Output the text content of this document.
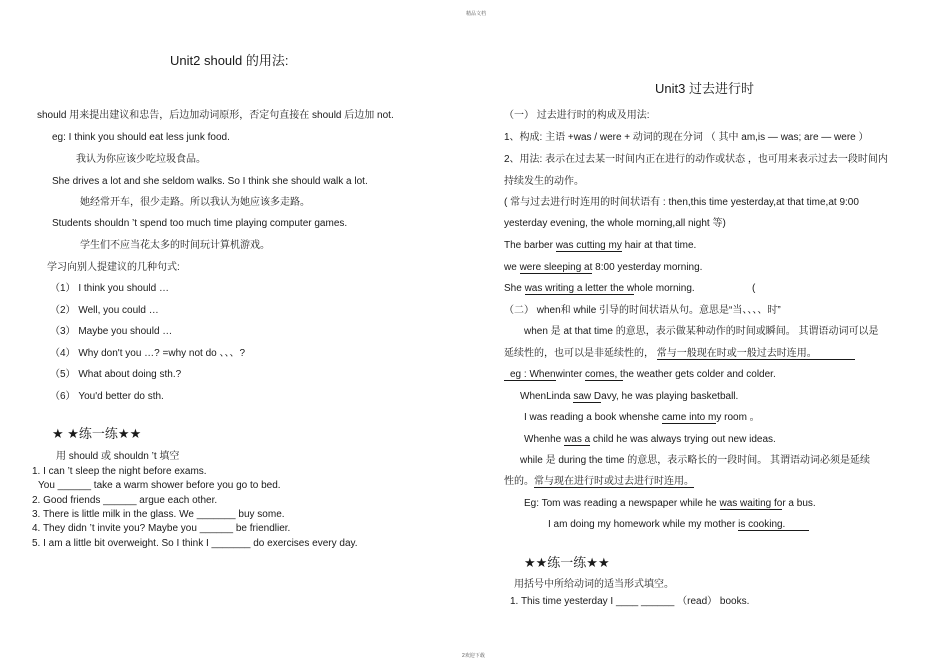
精品文档
Unit2 should 的用法:
should 用来提出建议和忠告，后边加动词原形，否定句直接在 should 后边加 not.
eg: I think you should eat less junk food.
我认为你应该少吃垃圾食品。
She drives a lot and she seldom walks. So I think she should walk a lot.
她经常开车，很少走路。所以我认为她应该多走路。
Students shouldn ’t spend too much time playing computer games.
学生们不应当花太多的时间玩计算机游戏。
学习向别人提建议的几种句式:
（1） I think you should …
（2） Well, you could …
（3） Maybe you should …
（4） Why don't you …? =why not do 、、、?
（5） What about doing sth.?
（6） You'd better do sth.
★ ★练一练★★
用 should 或 shouldn ’t 填空
1. I can ’t sleep the night before exams.
You ______ take a warm shower before you go to bed.
2. Good friends ______ argue each other.
3. There is little milk in the glass. We _______ buy some.
4. They didn ’t invite you? Maybe you ______ be friendlier.
5. I am a little bit overweight. So I think I _______ do exercises every day.
Unit3 过去进行时
（一） 过去进行时的构成及用法:
1、构成: 主语 +was / were + 动词的现在分词 （ 其中 am,is — was; are — were ）
2、用法: 表示在过去某一时间内正在进行的动作或状态 ，也可用来表示过去一段时间内
持续发生的动作。
( 常与过去进行时连用的时间状语有 : then,this time yesterday,at that time,at 9:00
yesterday evening, the whole morning,all night 等)
The barber was cutting my hair at that time.
we were sleeping at 8:00 yesterday morning.
She was writing a letter the whole morning.	(
（二） when和 while 引导的时间状语从句。意思是“当、、、、时”
when 是 at that time 的意思，表示做某种动作的时间或瞬间。 其谓语动词可以是
延续性的，也可以是非延续性的， 常与一般现在时或一般过去时连用。
eg : Whenwinter comes, the weather gets colder and colder.
WhenLinda saw Davy, he was playing basketball.
I was reading a book whenshe came into my room 。
Whenhe was a child he was always trying out new ideas.
while 是 during the time 的意思，表示略长的一段时间。 其谓语动词必须是延续
性的。常与现在进行时或过去进行时连用。
Eg: Tom was reading a newspaper while he was waiting for a bus.
I am doing my homework while my mother is cooking.
★★练一练★★
用括号中所给动词的适当形式填空。
1. This time yesterday I ____ ______ （read） books.
2欢迎下载
